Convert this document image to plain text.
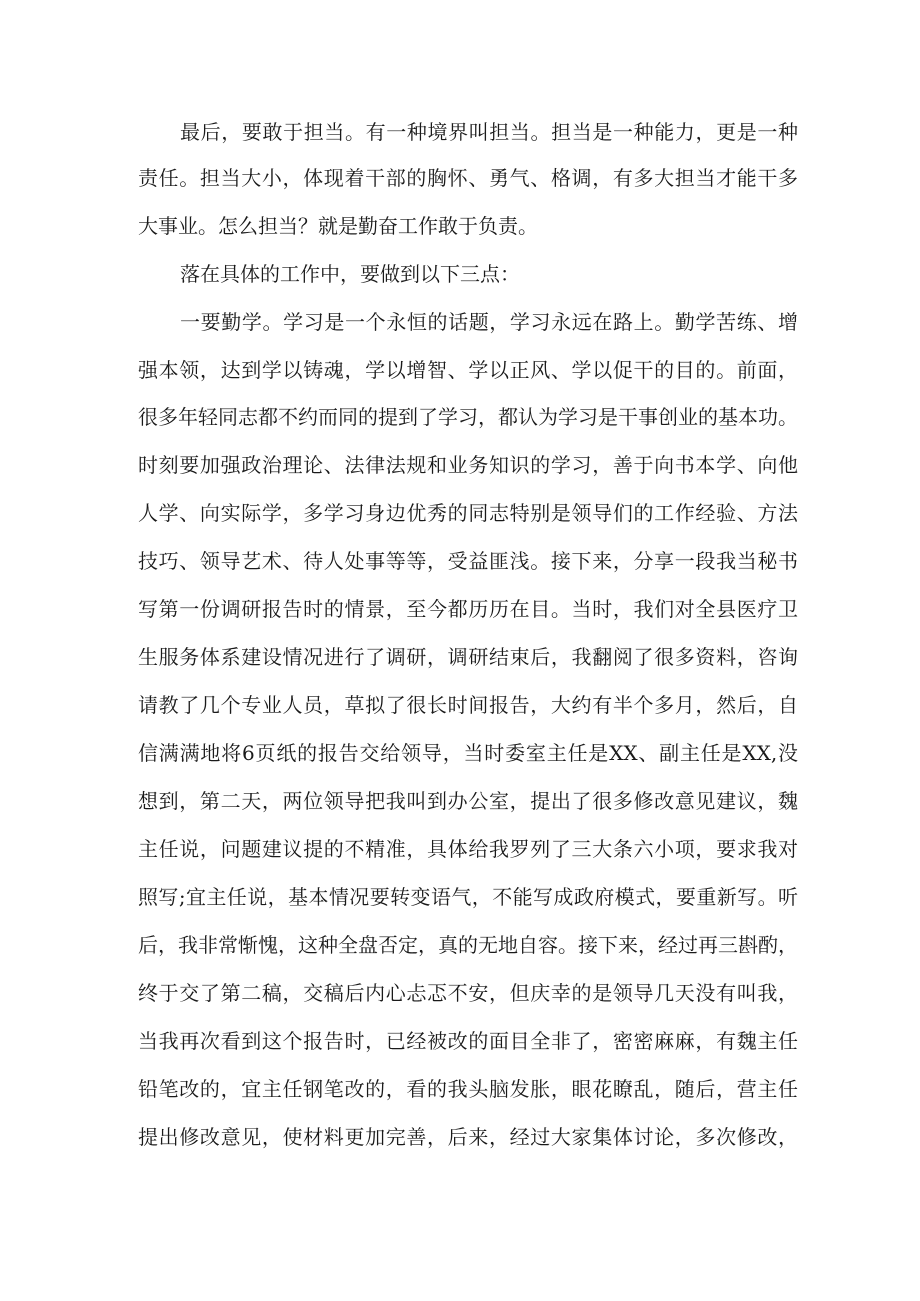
最后，要敢于担当。有一种境界叫担当。担当是一种能力，更是一种
责任。担当大小，体现着干部的胸怀、勇气、格调，有多大担当才能干多
大事业。怎么担当？就是勤奋工作敢于负责。
落在具体的工作中，要做到以下三点：
一要勤学。学习是一个永恒的话题，学习永远在路上。勤学苦练、增
强本领，达到学以铸魂，学以增智、学以正风、学以促干的目的。前面，
很多年轻同志都不约而同的提到了学习，都认为学习是干事创业的基本功。
时刻要加强政治理论、法律法规和业务知识的学习，善于向书本学、向他
人学、向实际学，多学习身边优秀的同志特别是领导们的工作经验、方法
技巧、领导艺术、待人处事等等，受益匪浅。接下来，分享一段我当秘书
写第一份调研报告时的情景，至今都历历在目。当时，我们对全县医疗卫
生服务体系建设情况进行了调研，调研结束后，我翻阅了很多资料，咨询
请教了几个专业人员，草拟了很长时间报告，大约有半个多月，然后，自
信满满地将6页纸的报告交给领导，当时委室主任是XX、副主任是XX,没
想到，第二天，两位领导把我叫到办公室，提出了很多修改意见建议，魏
主任说，问题建议提的不精准，具体给我罗列了三大条六小项，要求我对
照写;宜主任说，基本情况要转变语气，不能写成政府模式，要重新写。听
后，我非常惭愧，这种全盘否定，真的无地自容。接下来，经过再三斟酌，
终于交了第二稿，交稿后内心忐忑不安，但庆幸的是领导几天没有叫我，
当我再次看到这个报告时，已经被改的面目全非了，密密麻麻，有魏主任
铅笔改的，宜主任钢笔改的，看的我头脑发胀，眼花瞭乱，随后，营主任
提出修改意见，使材料更加完善，后来，经过大家集体讨论，多次修改，
